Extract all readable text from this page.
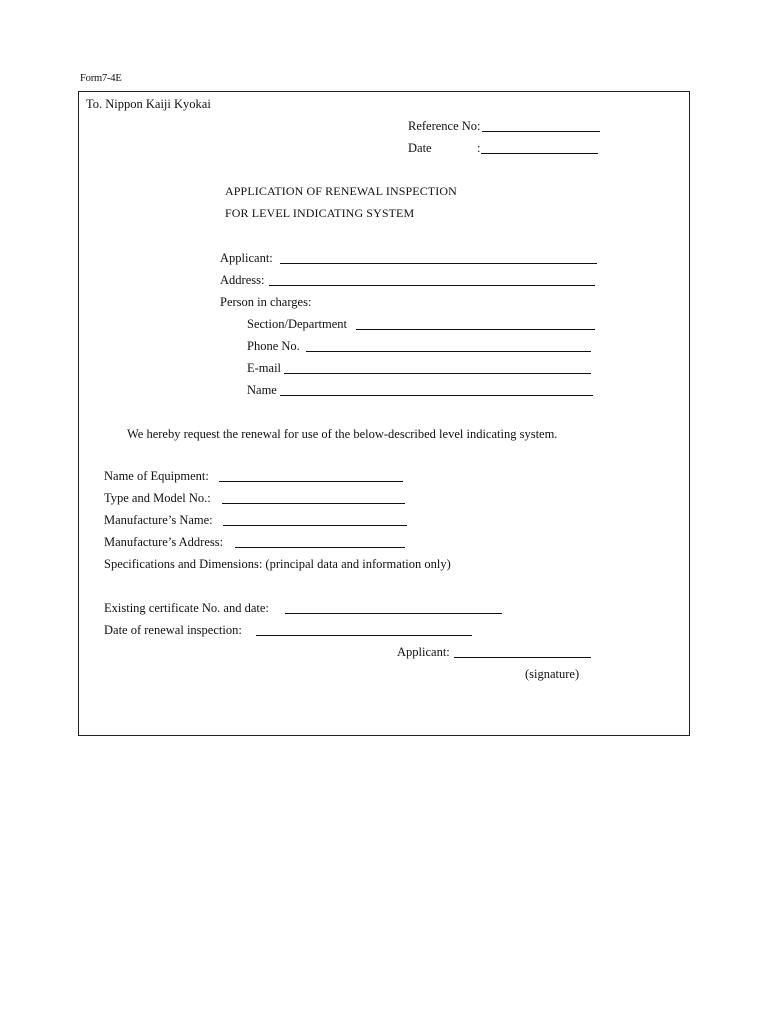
Form7-4E
To. Nippon Kaiji Kyokai
Reference No:
Date	:
APPLICATION OF RENEWAL INSPECTION
FOR LEVEL INDICATING SYSTEM
Applicant:
Address:
Person in charges:
Section/Department
Phone No.
E-mail
Name
We hereby request the renewal for use of the below-described level indicating system.
Name of Equipment:
Type and Model No.:
Manufacture’s Name:
Manufacture’s Address:
Specifications and Dimensions: (principal data and information only)
Existing certificate No. and date:
Date of renewal inspection:
Applicant:
(signature)
